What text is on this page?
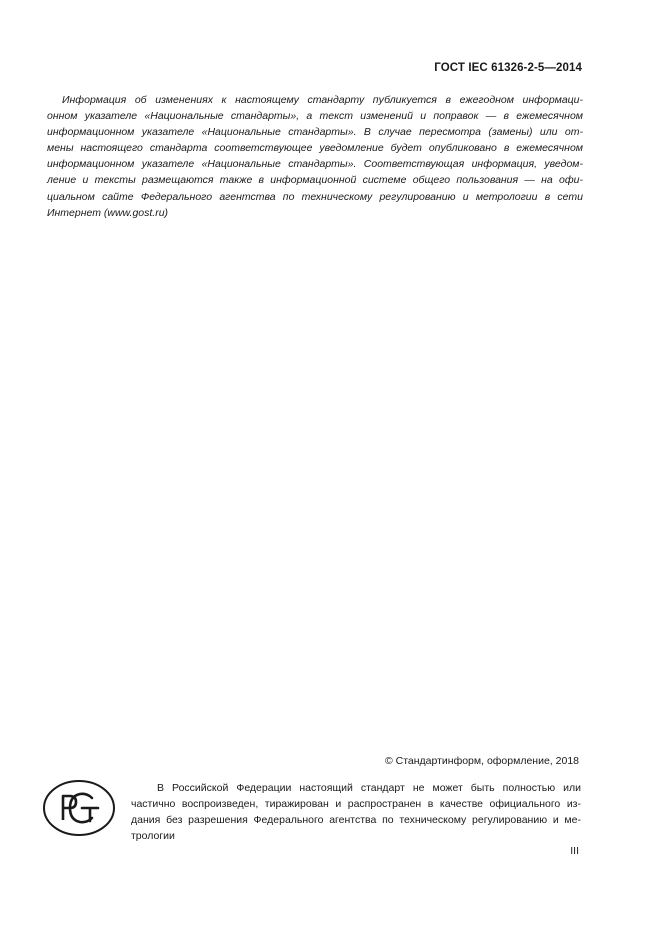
ГОСТ IEC 61326-2-5—2014
Информация об изменениях к настоящему стандарту публикуется в ежегодном информаци-
онном указателе «Национальные стандарты», а текст изменений и поправок — в ежемесячном
информационном указателе «Национальные стандарты». В случае пересмотра (замены) или от-
мены настоящего стандарта соответствующее уведомление будет опубликовано в ежемесячном
информационном указателе «Национальные стандарты». Соответствующая информация, уведом-
ление и тексты размещаются также в информационной системе общего пользования — на офи-
циальном сайте Федерального агентства по техническому регулированию и метрологии в сети
Интернет (www.gost.ru)
© Стандартинформ, оформление, 2018
В Российской Федерации настоящий стандарт не может быть полностью или
частично воспроизведен, тиражирован и распространен в качестве официального из-
дания без разрешения Федерального агентства по техническому регулированию и ме-
трологии
III
